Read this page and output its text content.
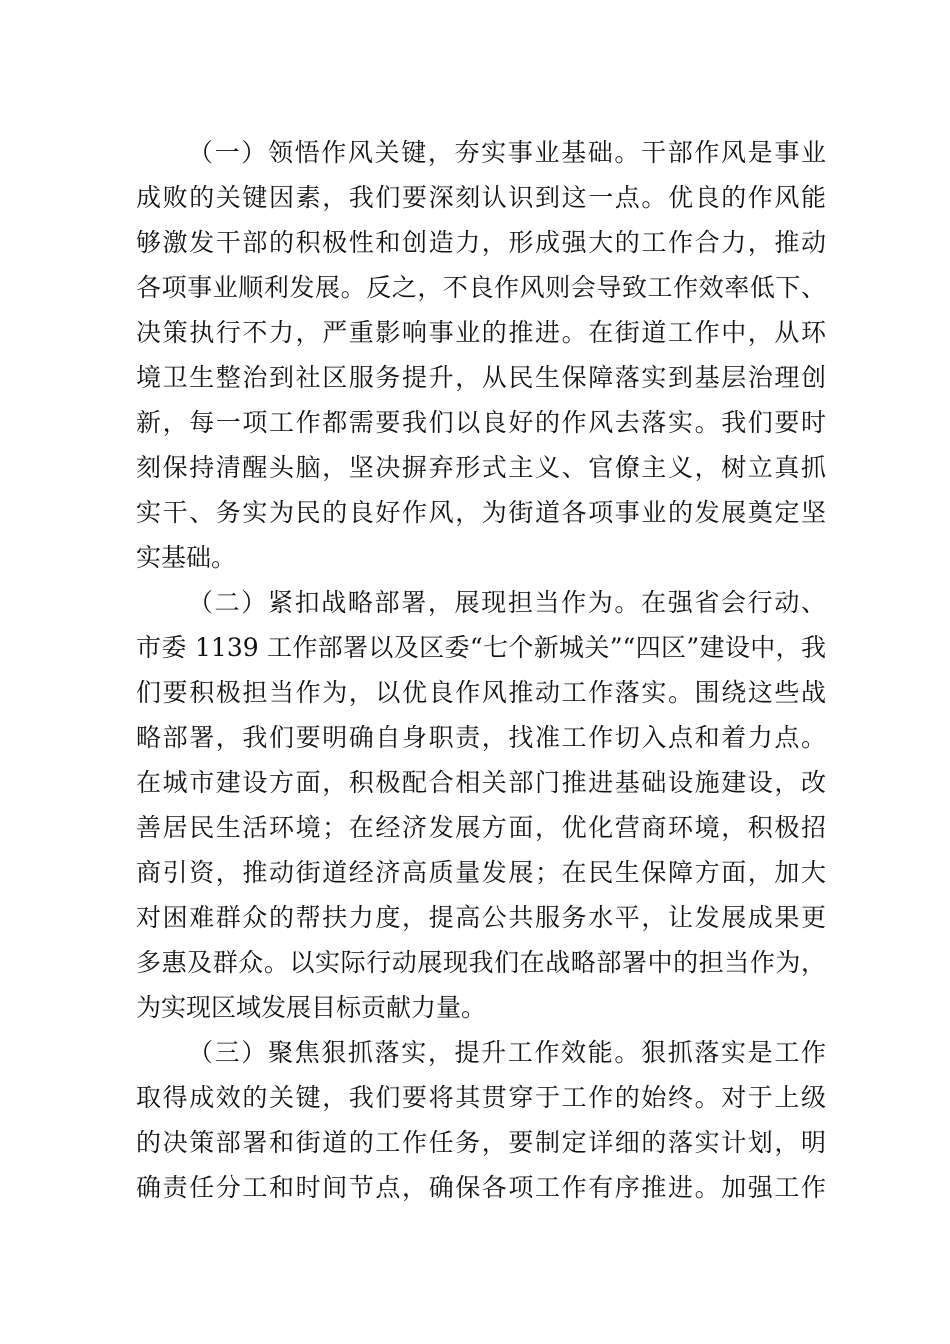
（一）领悟作风关键，夯实事业基础。干部作风是事业
成败的关键因素，我们要深刻认识到这一点。优良的作风能
够激发干部的积极性和创造力，形成强大的工作合力，推动
各项事业顺利发展。反之，不良作风则会导致工作效率低下、
决策执行不力，严重影响事业的推进。在街道工作中，从环
境卫生整治到社区服务提升，从民生保障落实到基层治理创
新，每一项工作都需要我们以良好的作风去落实。我们要时
刻保持清醒头脑，坚决摒弃形式主义、官僚主义，树立真抓
实干、务实为民的良好作风，为街道各项事业的发展奠定坚
实基础。
（二）紧扣战略部署，展现担当作为。在强省会行动、
市委 1139 工作部署以及区委“七个新城关”“四区”建设中，我
们要积极担当作为，以优良作风推动工作落实。围绕这些战
略部署，我们要明确自身职责，找准工作切入点和着力点。
在城市建设方面，积极配合相关部门推进基础设施建设，改
善居民生活环境；在经济发展方面，优化营商环境，积极招
商引资，推动街道经济高质量发展；在民生保障方面，加大
对困难群众的帮扶力度，提高公共服务水平，让发展成果更
多惠及群众。以实际行动展现我们在战略部署中的担当作为，
为实现区域发展目标贡献力量。
（三）聚焦狠抓落实，提升工作效能。狠抓落实是工作
取得成效的关键，我们要将其贯穿于工作的始终。对于上级
的决策部署和街道的工作任务，要制定详细的落实计划，明
确责任分工和时间节点，确保各项工作有序推进。加强工作
